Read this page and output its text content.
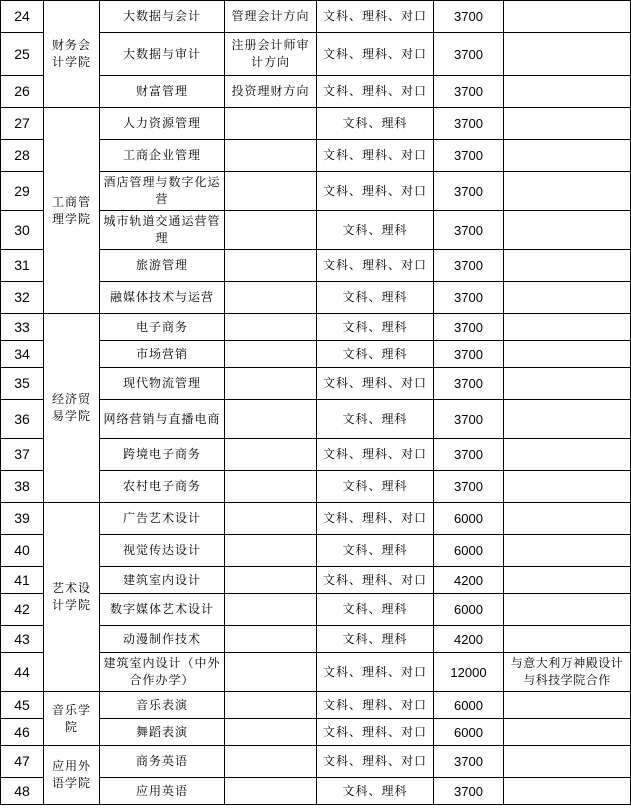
24	财务会计学院	大数据与会计	管理会计方向	文科、理科、对口	3700	
25		大数据与审计	注册会计师审计方向	文科、理科、对口	3700	
26		财富管理	投资理财方向	文科、理科、对口	3700	
27	工商管理学院	人力资源管理		文科、理科	3700	
28		工商企业管理		文科、理科、对口	3700	
29		酒店管理与数字化运营		文科、理科、对口	3700	
30		城市轨道交通运营管理		文科、理科	3700	
31		旅游管理		文科、理科、对口	3700	
32		融媒体技术与运营		文科、理科	3700	
33	经济贸易学院	电子商务		文科、理科	3700	
34		市场营销		文科、理科	3700	
35		现代物流管理		文科、理科、对口	3700	
36		网络营销与直播电商		文科、理科	3700	
37		跨境电子商务		文科、理科、对口	3700	
38		农村电子商务		文科、理科	3700	
39	艺术设计学院	广告艺术设计		文科、理科、对口	6000	
40		视觉传达设计		文科、理科	6000	
41		建筑室内设计		文科、理科、对口	4200	
42		数字媒体艺术设计		文科、理科	6000	
43		动漫制作技术		文科、理科	4200	
44		建筑室内设计（中外合作办学）		文科、理科、对口	12000	与意大利万神殿设计与科技学院合作
45	音乐学院	音乐表演		文科、理科、对口	6000	
46		舞蹈表演		文科、理科、对口	6000	
47	应用外语学院	商务英语		文科、理科、对口	3700	
48		应用英语		文科、理科	3700	
